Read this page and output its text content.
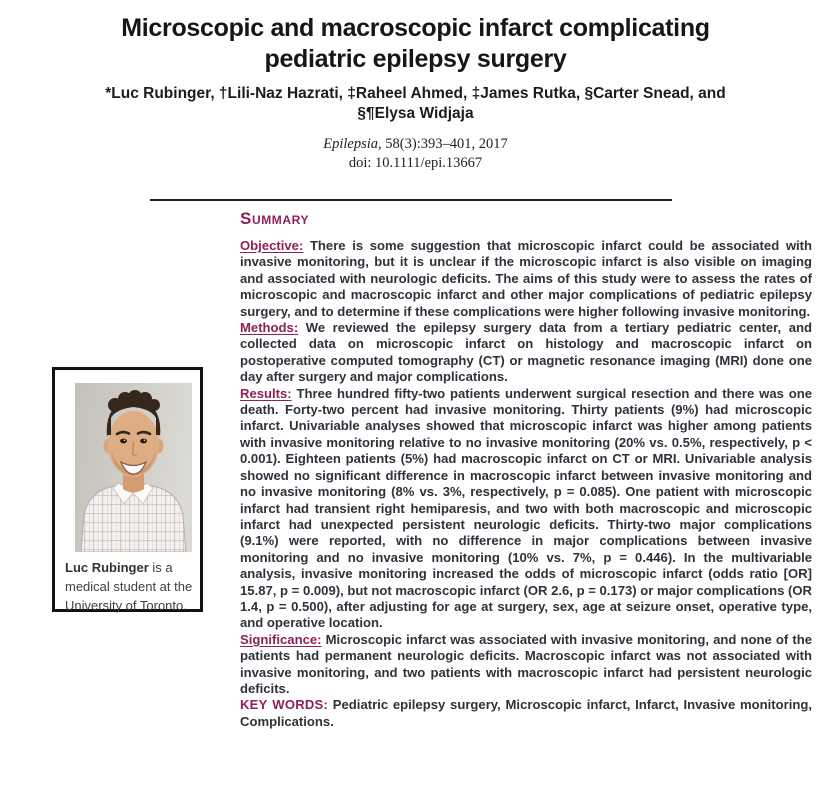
Microscopic and macroscopic infarct complicating
pediatric epilepsy surgery
*Luc Rubinger, †Lili-Naz Hazrati, ‡Raheel Ahmed, ‡James Rutka, §Carter Snead, and
§¶Elysa Widjaja
Epilepsia, 58(3):393–401, 2017
doi: 10.1111/epi.13667
Summary

Objective: There is some suggestion that microscopic infarct could be associated with invasive monitoring, but it is unclear if the microscopic infarct is also visible on imaging and associated with neurologic deficits. The aims of this study were to assess the rates of microscopic and macroscopic infarct and other major complications of pediatric epilepsy surgery, and to determine if these complications were higher following invasive monitoring.

Methods: We reviewed the epilepsy surgery data from a tertiary pediatric center, and collected data on microscopic infarct on histology and macroscopic infarct on postoperative computed tomography (CT) or magnetic resonance imaging (MRI) done one day after surgery and major complications.

Results: Three hundred fifty-two patients underwent surgical resection and there was one death. Forty-two percent had invasive monitoring. Thirty patients (9%) had microscopic infarct. Univariable analyses showed that microscopic infarct was higher among patients with invasive monitoring relative to no invasive monitoring (20% vs. 0.5%, respectively, p < 0.001). Eighteen patients (5%) had macroscopic infarct on CT or MRI. Univariable analysis showed no significant difference in macroscopic infarct between invasive monitoring and no invasive monitoring (8% vs. 3%, respectively, p = 0.085). One patient with microscopic infarct had transient right hemiparesis, and two with both macroscopic and microscopic infarct had unexpected persistent neurologic deficits. Thirty-two major complications (9.1%) were reported, with no difference in major complications between invasive monitoring and no invasive monitoring (10% vs. 7%, p = 0.446). In the multivariable analysis, invasive monitoring increased the odds of microscopic infarct (odds ratio [OR] 15.87, p = 0.009), but not macroscopic infarct (OR 2.6, p = 0.173) or major complications (OR 1.4, p = 0.500), after adjusting for age at surgery, sex, age at seizure onset, operative type, and operative location.

Significance: Microscopic infarct was associated with invasive monitoring, and none of the patients had permanent neurologic deficits. Macroscopic infarct was not associated with invasive monitoring, and two patients with macroscopic infarct had persistent neurologic deficits.

KEY WORDS: Pediatric epilepsy surgery, Microscopic infarct, Infarct, Invasive monitoring, Complications.

Luc Rubinger is a medical student at the University of Toronto.
